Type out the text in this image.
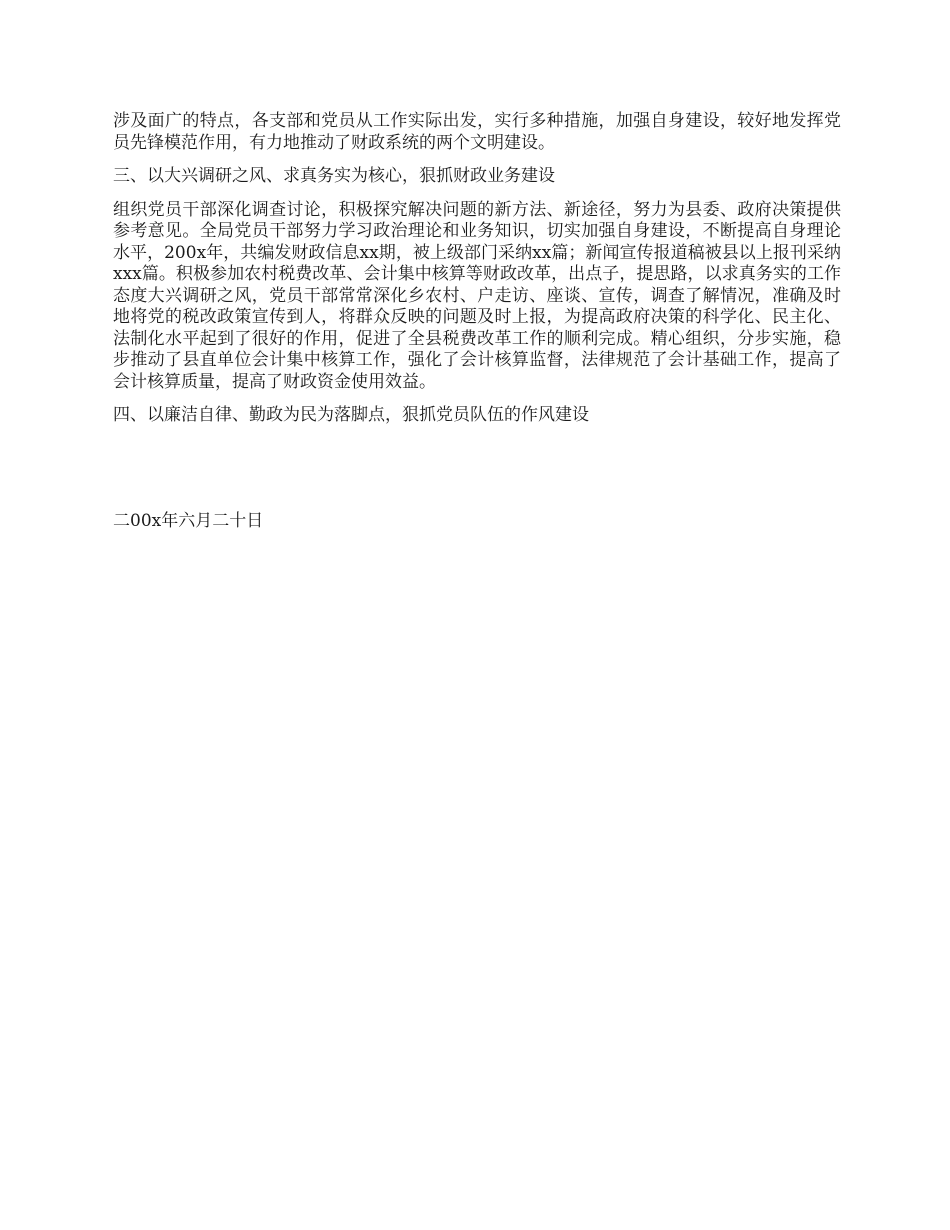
涉及面广的特点，各支部和党员从工作实际出发，实行多种措施，加强自身建设，较好地发挥党员先锋模范作用，有力地推动了财政系统的两个文明建设。

三、以大兴调研之风、求真务实为核心，狠抓财政业务建设

组织党员干部深化调查讨论，积极探究解决问题的新方法、新途径，努力为县委、政府决策提供参考意见。全局党员干部努力学习政治理论和业务知识，切实加强自身建设，不断提高自身理论水平，200x年，共编发财政信息xx期，被上级部门采纳xx篇；新闻宣传报道稿被县以上报刊采纳xxx篇。积极参加农村税费改革、会计集中核算等财政改革，出点子，提思路，以求真务实的工作态度大兴调研之风，党员干部常常深化乡农村、户走访、座谈、宣传，调查了解情况，准确及时地将党的税改政策宣传到人，将群众反映的问题及时上报，为提高政府决策的科学化、民主化、法制化水平起到了很好的作用，促进了全县税费改革工作的顺利完成。精心组织，分步实施，稳步推动了县直单位会计集中核算工作，强化了会计核算监督，法律规范了会计基础工作，提高了会计核算质量，提高了财政资金使用效益。

四、以廉洁自律、勤政为民为落脚点，狠抓党员队伍的作风建设

二00x年六月二十日
